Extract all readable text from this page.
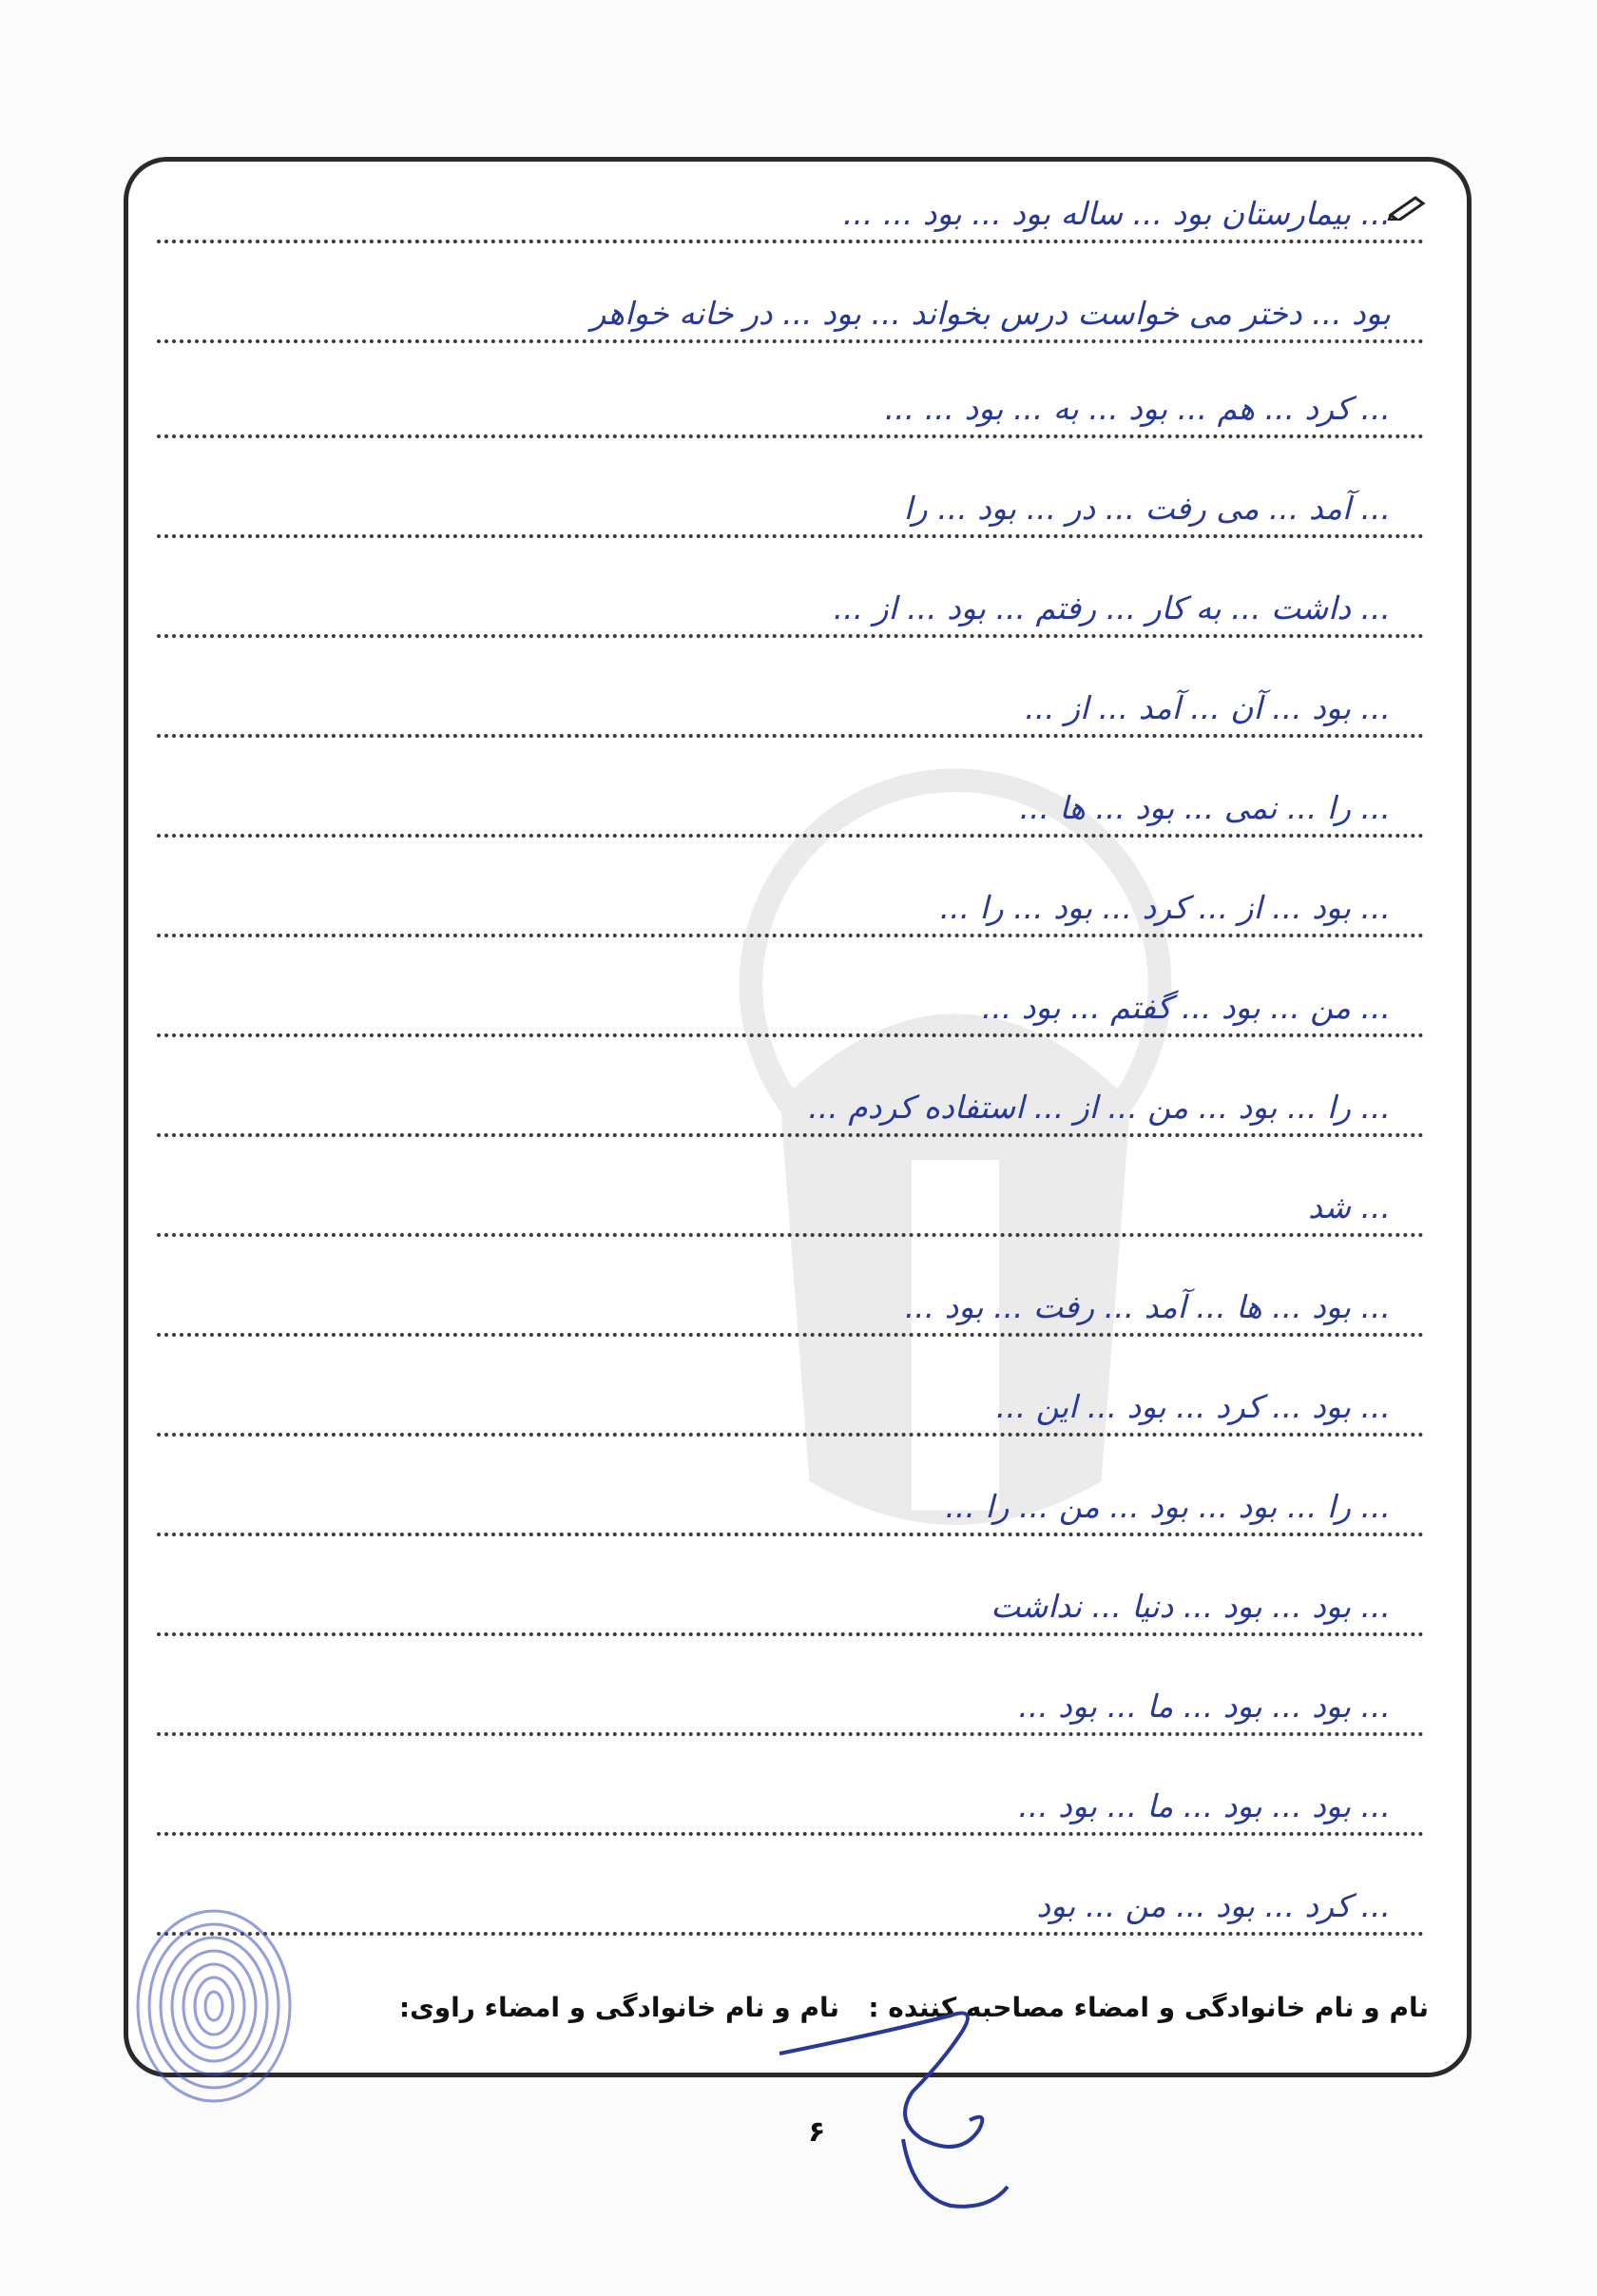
... بیمارستان بود ... ساله بود ... بود ... ...
بود ... دختر می خواست درس بخواند ... بود ... در خانه خواهر
... کرد ... هم ... بود ... به ... بود ... ...
... آمد ... می رفت ... در ... بود ... را
... داشت ... به کار ... رفتم ... بود ... از ...
... بود ... آن ... آمد ... از ...
... را ... نمی ... بود ... ها ...
... بود ... از ... کرد ... بود ... را ...
... من ... بود ... گفتم ... بود ...
... را ... بود ... من ... از ... استفاده کردم ...
... شد
... بود ... ها ... آمد ... رفت ... بود ...
... بود ... کرد ... بود ... این ...
... را ... بود ... بود ... من ... را ...
... بود ... بود ... دنیا ... نداشت
... بود ... بود ... ما ... بود ...
... بود ... بود ... ما ... بود ...
... کرد ... بود ... من ... بود
نام و نام خانوادگی و امضاء مصاحبه کننده :
نام و نام خانوادگی و امضاء راوی:
۶
